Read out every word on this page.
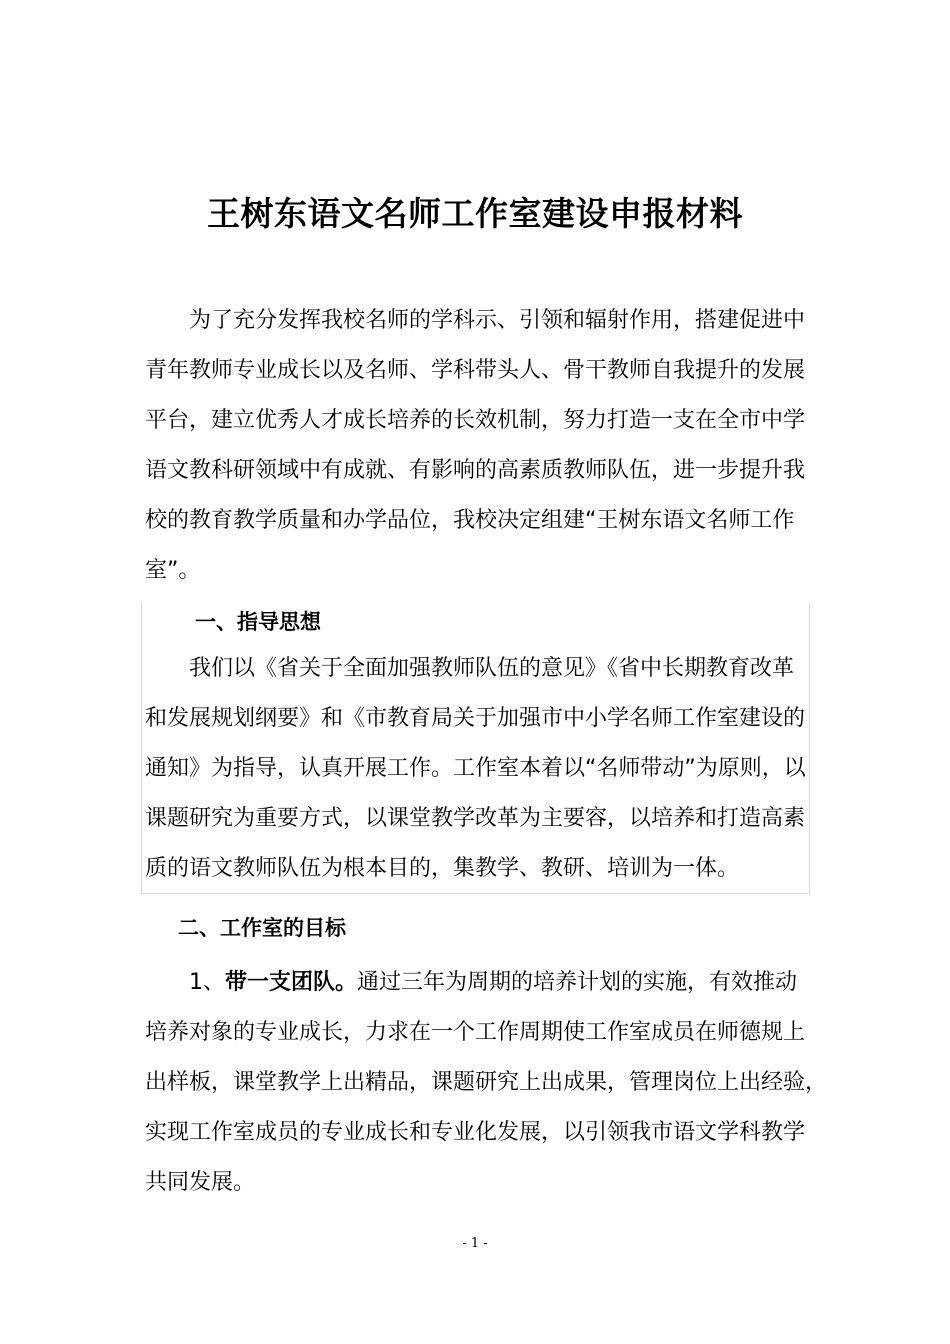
王树东语文名师工作室建设申报材料
为了充分发挥我校名师的学科示、引领和辐射作用，搭建促进中
青年教师专业成长以及名师、学科带头人、骨干教师自我提升的发展
平台，建立优秀人才成长培养的长效机制，努力打造一支在全市中学
语文教科研领域中有成就、有影响的高素质教师队伍，进一步提升我
校的教育教学质量和办学品位，我校决定组建“王树东语文名师工作
室”。
一、指导思想
我们以《省关于全面加强教师队伍的意见》《省中长期教育改革
和发展规划纲要》和《市教育局关于加强市中小学名师工作室建设的
通知》为指导，认真开展工作。工作室本着以“名师带动”为原则，以
课题研究为重要方式，以课堂教学改革为主要容，以培养和打造高素
质的语文教师队伍为根本目的，集教学、教研、培训为一体。
二、工作室的目标
1、带一支团队。通过三年为周期的培养计划的实施，有效推动
培养对象的专业成长，力求在一个工作周期使工作室成员在师德规上
出样板，课堂教学上出精品，课题研究上出成果，管理岗位上出经验，
实现工作室成员的专业成长和专业化发展，以引领我市语文学科教学
共同发展。
- 1 -
